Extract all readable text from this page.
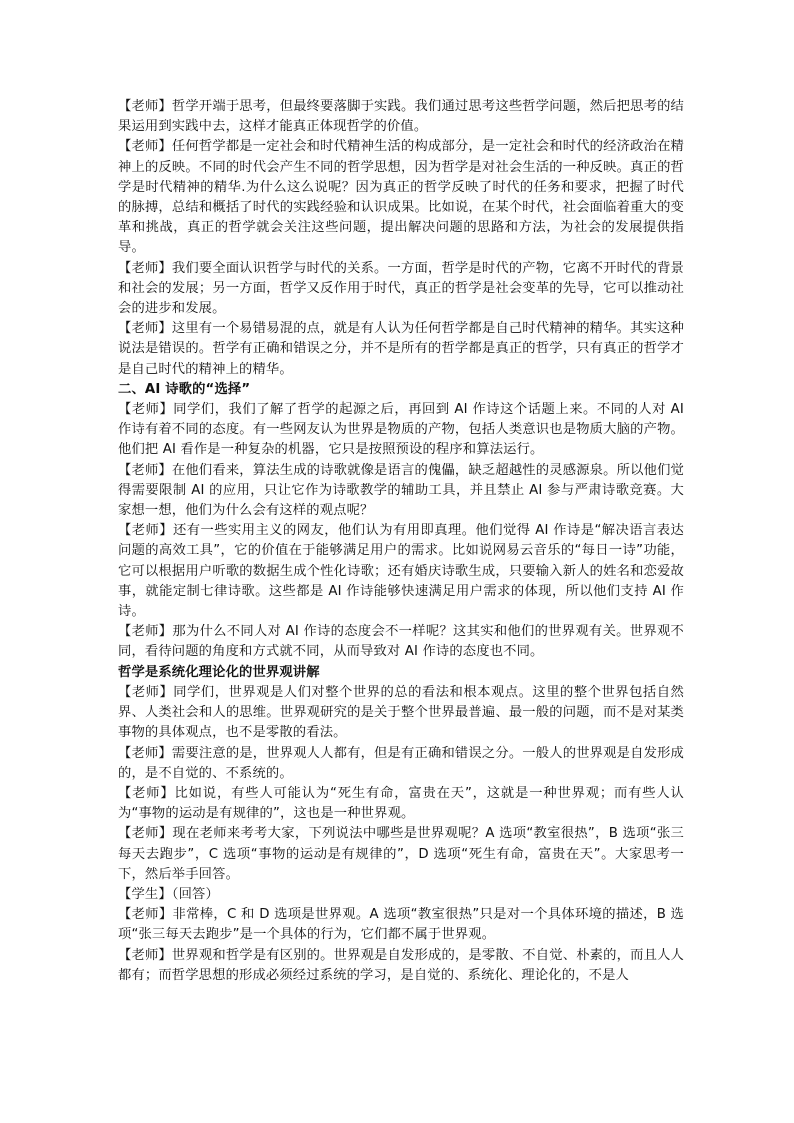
【老师】哲学开端于思考，但最终要落脚于实践。我们通过思考这些哲学问题，然后把思考的结果运用到实践中去，这样才能真正体现哲学的价值。

【老师】任何哲学都是一定社会和时代精神生活的构成部分，是一定社会和时代的经济政治在精神上的反映。不同的时代会产生不同的哲学思想，因为哲学是对社会生活的一种反映。真正的哲学是时代精神的精华.为什么这么说呢？因为真正的哲学反映了时代的任务和要求，把握了时代的脉搏，总结和概括了时代的实践经验和认识成果。比如说，在某个时代，社会面临着重大的变革和挑战，真正的哲学就会关注这些问题，提出解决问题的思路和方法，为社会的发展提供指导。

【老师】我们要全面认识哲学与时代的关系。一方面，哲学是时代的产物，它离不开时代的背景和社会的发展；另一方面，哲学又反作用于时代，真正的哲学是社会变革的先导，它可以推动社会的进步和发展。

【老师】这里有一个易错易混的点，就是有人认为任何哲学都是自己时代精神的精华。其实这种说法是错误的。哲学有正确和错误之分，并不是所有的哲学都是真正的哲学，只有真正的哲学才是自己时代的精神上的精华。

二、AI 诗歌的“选择”

【老师】同学们，我们了解了哲学的起源之后，再回到 AI 作诗这个话题上来。不同的人对 AI 作诗有着不同的态度。有一些网友认为世界是物质的产物，包括人类意识也是物质大脑的产物。他们把 AI 看作是一种复杂的机器，它只是按照预设的程序和算法运行。

【老师】在他们看来，算法生成的诗歌就像是语言的傀儡，缺乏超越性的灵感源泉。所以他们觉得需要限制 AI 的应用，只让它作为诗歌教学的辅助工具，并且禁止 AI 参与严肃诗歌竞赛。大家想一想，他们为什么会有这样的观点呢？

【老师】还有一些实用主义的网友，他们认为有用即真理。他们觉得 AI 作诗是“解决语言表达问题的高效工具”，它的价值在于能够满足用户的需求。比如说网易云音乐的“每日一诗”功能，它可以根据用户听歌的数据生成个性化诗歌；还有婚庆诗歌生成，只要输入新人的姓名和恋爱故事，就能定制七律诗歌。这些都是 AI 作诗能够快速满足用户需求的体现，所以他们支持 AI 作诗。

【老师】那为什么不同人对 AI 作诗的态度会不一样呢？这其实和他们的世界观有关。世界观不同，看待问题的角度和方式就不同，从而导致对 AI 作诗的态度也不同。

哲学是系统化理论化的世界观讲解

【老师】同学们，世界观是人们对整个世界的总的看法和根本观点。这里的整个世界包括自然界、人类社会和人的思维。世界观研究的是关于整个世界最普遍、最一般的问题，而不是对某类事物的具体观点，也不是零散的看法。

【老师】需要注意的是，世界观人人都有，但是有正确和错误之分。一般人的世界观是自发形成的，是不自觉的、不系统的。

【老师】比如说，有些人可能认为“死生有命，富贵在天”，这就是一种世界观；而有些人认为“事物的运动是有规律的”，这也是一种世界观。

【老师】现在老师来考考大家，下列说法中哪些是世界观呢？A 选项“教室很热”，B 选项“张三每天去跑步”，C 选项“事物的运动是有规律的”，D 选项“死生有命，富贵在天”。大家思考一下，然后举手回答。

【学生】（回答）

【老师】非常棒，C 和 D 选项是世界观。A 选项“教室很热”只是对一个具体环境的描述，B 选项“张三每天去跑步”是一个具体的行为，它们都不属于世界观。

【老师】世界观和哲学是有区别的。世界观是自发形成的，是零散、不自觉、朴素的，而且人人都有；而哲学思想的形成必须经过系统的学习，是自觉的、系统化、理论化的，不是人
